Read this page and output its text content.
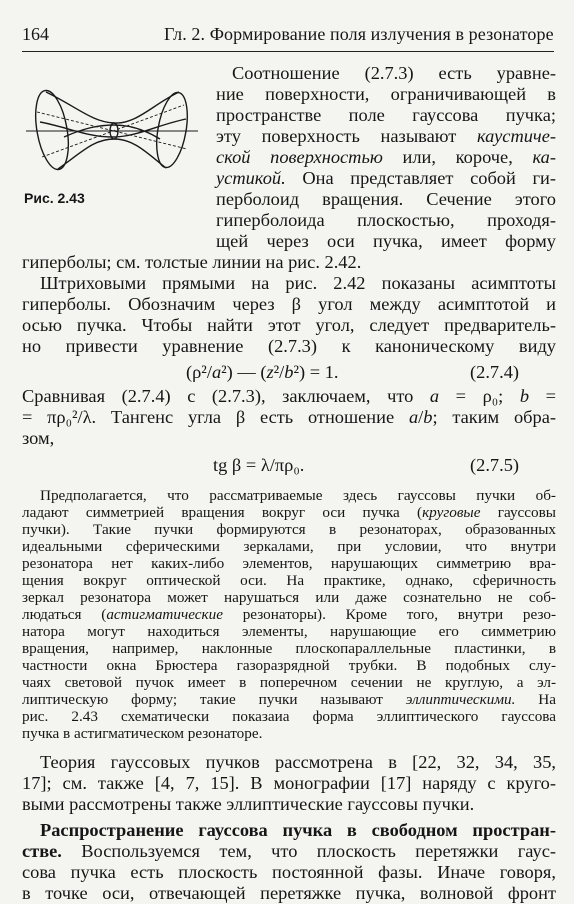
164	Гл. 2. Формирование поля излучения в резонаторе
Рис. 2.43
Соотношение (2.7.3) есть уравне-
ние поверхности, ограничивающей в
пространстве поле гауссова пучка;
эту поверхность называют каустиче-
ской поверхностью или, короче, ка-
устикой. Она представляет собой ги-
перболоид вращения. Сечение этого
гиперболоида плоскостью, проходя-
щей через оси пучка, имеет форму
гиперболы; см. толстые линии на рис. 2.42.
Штриховыми прямыми на рис. 2.42 показаны асимптоты
гиперболы. Обозначим через β угол между асимптотой и
осью пучка. Чтобы найти этот угол, следует предваритель-
но привести уравнение (2.7.3) к каноническому виду
(ρ²/a²) — (z²/b²) = 1.	(2.7.4)
Сравнивая (2.7.4) с (2.7.3), заключаем, что a = ρ₀; b =
= πρ₀²/λ. Тангенс угла β есть отношение a/b; таким обра-
зом,
tg β = λ/πρ₀.	(2.7.5)
Предполагается, что рассматриваемые здесь гауссовы пучки об-
ладают симметрией вращения вокруг оси пучка (круговые гауссовы
пучки). Такие пучки формируются в резонаторах, образованных
идеальными сферическими зеркалами, при условии, что внутри
резонатора нет каких-либо элементов, нарушающих симметрию вра-
щения вокруг оптической оси. На практике, однако, сферичность
зеркал резонатора может нарушаться или даже сознательно не соб-
людаться (астигматические резонаторы). Кроме того, внутри резо-
натора могут находиться элементы, нарушающие его симметрию
вращения, например, наклонные плоскопараллельные пластинки, в
частности окна Брюстера газоразрядной трубки. В подобных слу-
чаях световой пучок имеет в поперечном сечении не круглую, а эл-
липтическую форму; такие пучки называют эллиптическими. На
рис. 2.43 схематически показаиа форма эллиптического гауссова
пучка в астигматическом резонаторе.
Теория гауссовых пучков рассмотрена в [22, 32, 34, 35,
17]; см. также [4, 7, 15]. В монографии [17] наряду с круго-
выми рассмотрены также эллиптические гауссовы пучки.
Распространение гауссова пучка в свободном простран-
стве. Воспользуемся тем, что плоскость перетяжки гаус-
сова пучка есть плоскость постоянной фазы. Иначе говоря,
в точке оси, отвечающей перетяжке пучка, волновой фронт
